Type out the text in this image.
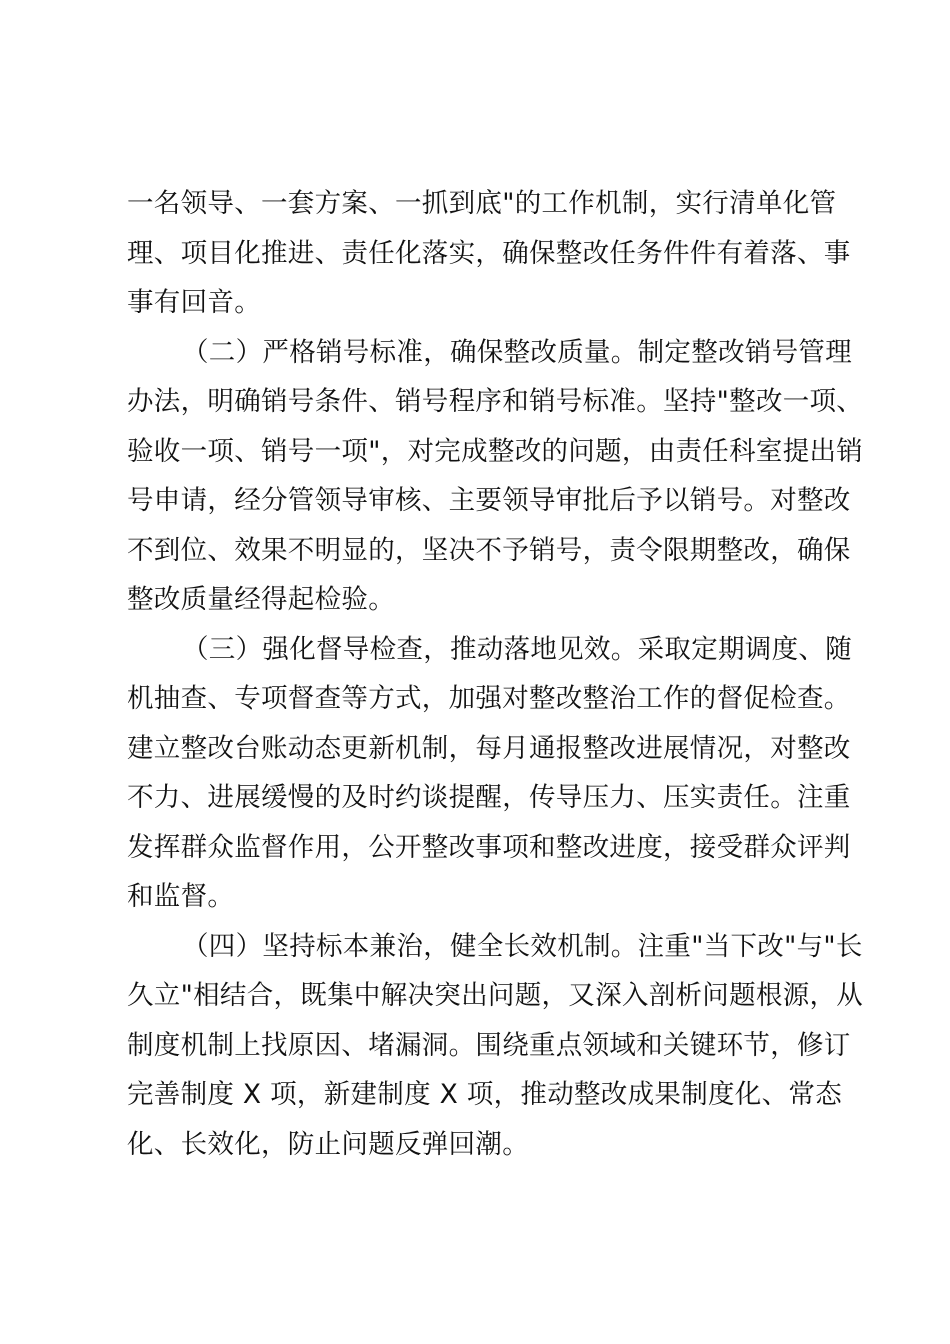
一名领导、一套方案、一抓到底"的工作机制，实行清单化管
理、项目化推进、责任化落实，确保整改任务件件有着落、事
事有回音。
（二）严格销号标准，确保整改质量。制定整改销号管理
办法，明确销号条件、销号程序和销号标准。坚持"整改一项、
验收一项、销号一项"，对完成整改的问题，由责任科室提出销
号申请，经分管领导审核、主要领导审批后予以销号。对整改
不到位、效果不明显的，坚决不予销号，责令限期整改，确保
整改质量经得起检验。
（三）强化督导检查，推动落地见效。采取定期调度、随
机抽查、专项督查等方式，加强对整改整治工作的督促检查。
建立整改台账动态更新机制，每月通报整改进展情况，对整改
不力、进展缓慢的及时约谈提醒，传导压力、压实责任。注重
发挥群众监督作用，公开整改事项和整改进度，接受群众评判
和监督。
（四）坚持标本兼治，健全长效机制。注重"当下改"与"长
久立"相结合，既集中解决突出问题，又深入剖析问题根源，从
制度机制上找原因、堵漏洞。围绕重点领域和关键环节，修订
完善制度 X 项，新建制度 X 项，推动整改成果制度化、常态
化、长效化，防止问题反弹回潮。
